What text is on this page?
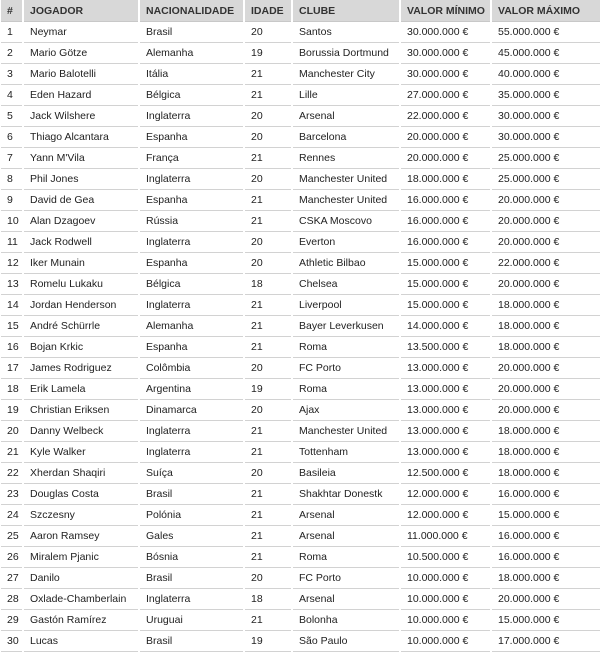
#	JOGADOR	NACIONALIDADE	IDADE	CLUBE	VALOR MÍNIMO	VALOR MÁXIMO
1	Neymar	Brasil	20	Santos	30.000.000 €	55.000.000 €
2	Mario Götze	Alemanha	19	Borussia Dortmund	30.000.000 €	45.000.000 €
3	Mario Balotelli	Itália	21	Manchester City	30.000.000 €	40.000.000 €
4	Eden Hazard	Bélgica	21	Lille	27.000.000 €	35.000.000 €
5	Jack Wilshere	Inglaterra	20	Arsenal	22.000.000 €	30.000.000 €
6	Thiago Alcantara	Espanha	20	Barcelona	20.000.000 €	30.000.000 €
7	Yann M'Vila	França	21	Rennes	20.000.000 €	25.000.000 €
8	Phil Jones	Inglaterra	20	Manchester United	18.000.000 €	25.000.000 €
9	David de Gea	Espanha	21	Manchester United	16.000.000 €	20.000.000 €
10	Alan Dzagoev	Rússia	21	CSKA Moscovo	16.000.000 €	20.000.000 €
11	Jack Rodwell	Inglaterra	20	Everton	16.000.000 €	20.000.000 €
12	Iker Munain	Espanha	20	Athletic Bilbao	15.000.000 €	22.000.000 €
13	Romelu Lukaku	Bélgica	18	Chelsea	15.000.000 €	20.000.000 €
14	Jordan Henderson	Inglaterra	21	Liverpool	15.000.000 €	18.000.000 €
15	André Schürrle	Alemanha	21	Bayer Leverkusen	14.000.000 €	18.000.000 €
16	Bojan Krkic	Espanha	21	Roma	13.500.000 €	18.000.000 €
17	James Rodriguez	Colômbia	20	FC Porto	13.000.000 €	20.000.000 €
18	Erik Lamela	Argentina	19	Roma	13.000.000 €	20.000.000 €
19	Christian Eriksen	Dinamarca	20	Ajax	13.000.000 €	20.000.000 €
20	Danny Welbeck	Inglaterra	21	Manchester United	13.000.000 €	18.000.000 €
21	Kyle Walker	Inglaterra	21	Tottenham	13.000.000 €	18.000.000 €
22	Xherdan Shaqiri	Suíça	20	Basileia	12.500.000 €	18.000.000 €
23	Douglas Costa	Brasil	21	Shakhtar Donestk	12.000.000 €	16.000.000 €
24	Szczesny	Polónia	21	Arsenal	12.000.000 €	15.000.000 €
25	Aaron Ramsey	Gales	21	Arsenal	11.000.000 €	16.000.000 €
26	Miralem Pjanic	Bósnia	21	Roma	10.500.000 €	16.000.000 €
27	Danilo	Brasil	20	FC Porto	10.000.000 €	18.000.000 €
28	Oxlade-Chamberlain	Inglaterra	18	Arsenal	10.000.000 €	20.000.000 €
29	Gastón Ramírez	Uruguai	21	Bolonha	10.000.000 €	15.000.000 €
30	Lucas	Brasil	19	São Paulo	10.000.000 €	17.000.000 €
